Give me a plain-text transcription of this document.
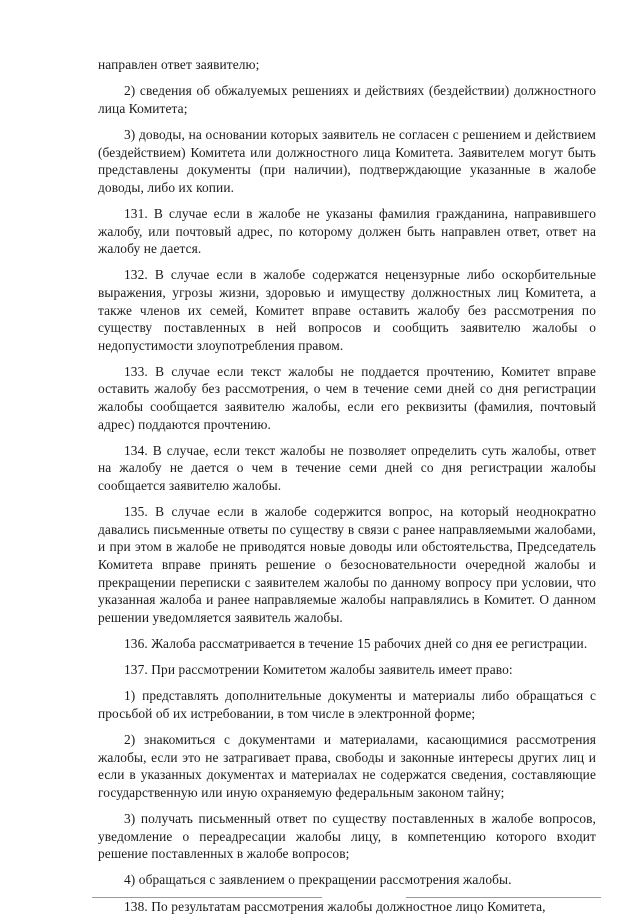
направлен ответ заявителю;

2) сведения об обжалуемых решениях и действиях (бездействии) должностного лица Комитета;

3) доводы, на основании которых заявитель не согласен с решением и действием (бездействием) Комитета или должностного лица Комитета. Заявителем могут быть представлены документы (при наличии), подтверждающие указанные в жалобе доводы, либо их копии.

131. В случае если в жалобе не указаны фамилия гражданина, направившего жалобу, или почтовый адрес, по которому должен быть направлен ответ, ответ на жалобу не дается.

132. В случае если в жалобе содержатся нецензурные либо оскорбительные выражения, угрозы жизни, здоровью и имуществу должностных лиц Комитета, а также членов их семей, Комитет вправе оставить жалобу без рассмотрения по существу поставленных в ней вопросов и сообщить заявителю жалобы о недопустимости злоупотребления правом.

133. В случае если текст жалобы не поддается прочтению, Комитет вправе оставить жалобу без рассмотрения, о чем в течение семи дней со дня регистрации жалобы сообщается заявителю жалобы, если его реквизиты (фамилия, почтовый адрес) поддаются прочтению.

134. В случае, если текст жалобы не позволяет определить суть жалобы, ответ на жалобу не дается о чем в течение семи дней со дня регистрации жалобы сообщается заявителю жалобы.

135. В случае если в жалобе содержится вопрос, на который неоднократно давались письменные ответы по существу в связи с ранее направляемыми жалобами, и при этом в жалобе не приводятся новые доводы или обстоятельства, Председатель Комитета вправе принять решение о безосновательности очередной жалобы и прекращении переписки с заявителем жалобы по данному вопросу при условии, что указанная жалоба и ранее направляемые жалобы направлялись в Комитет. О данном решении уведомляется заявитель жалобы.

136. Жалоба рассматривается в течение 15 рабочих дней со дня ее регистрации.

137. При рассмотрении Комитетом жалобы заявитель имеет право:

1) представлять дополнительные документы и материалы либо обращаться с просьбой об их истребовании, в том числе в электронной форме;

2) знакомиться с документами и материалами, касающимися рассмотрения жалобы, если это не затрагивает права, свободы и законные интересы других лиц и если в указанных документах и материалах не содержатся сведения, составляющие государственную или иную охраняемую федеральным законом тайну;

3) получать письменный ответ по существу поставленных в жалобе вопросов, уведомление о переадресации жалобы лицу, в компетенцию которого входит решение поставленных в жалобе вопросов;

4) обращаться с заявлением о прекращении рассмотрения жалобы.

138. По результатам рассмотрения жалобы должностное лицо Комитета,
